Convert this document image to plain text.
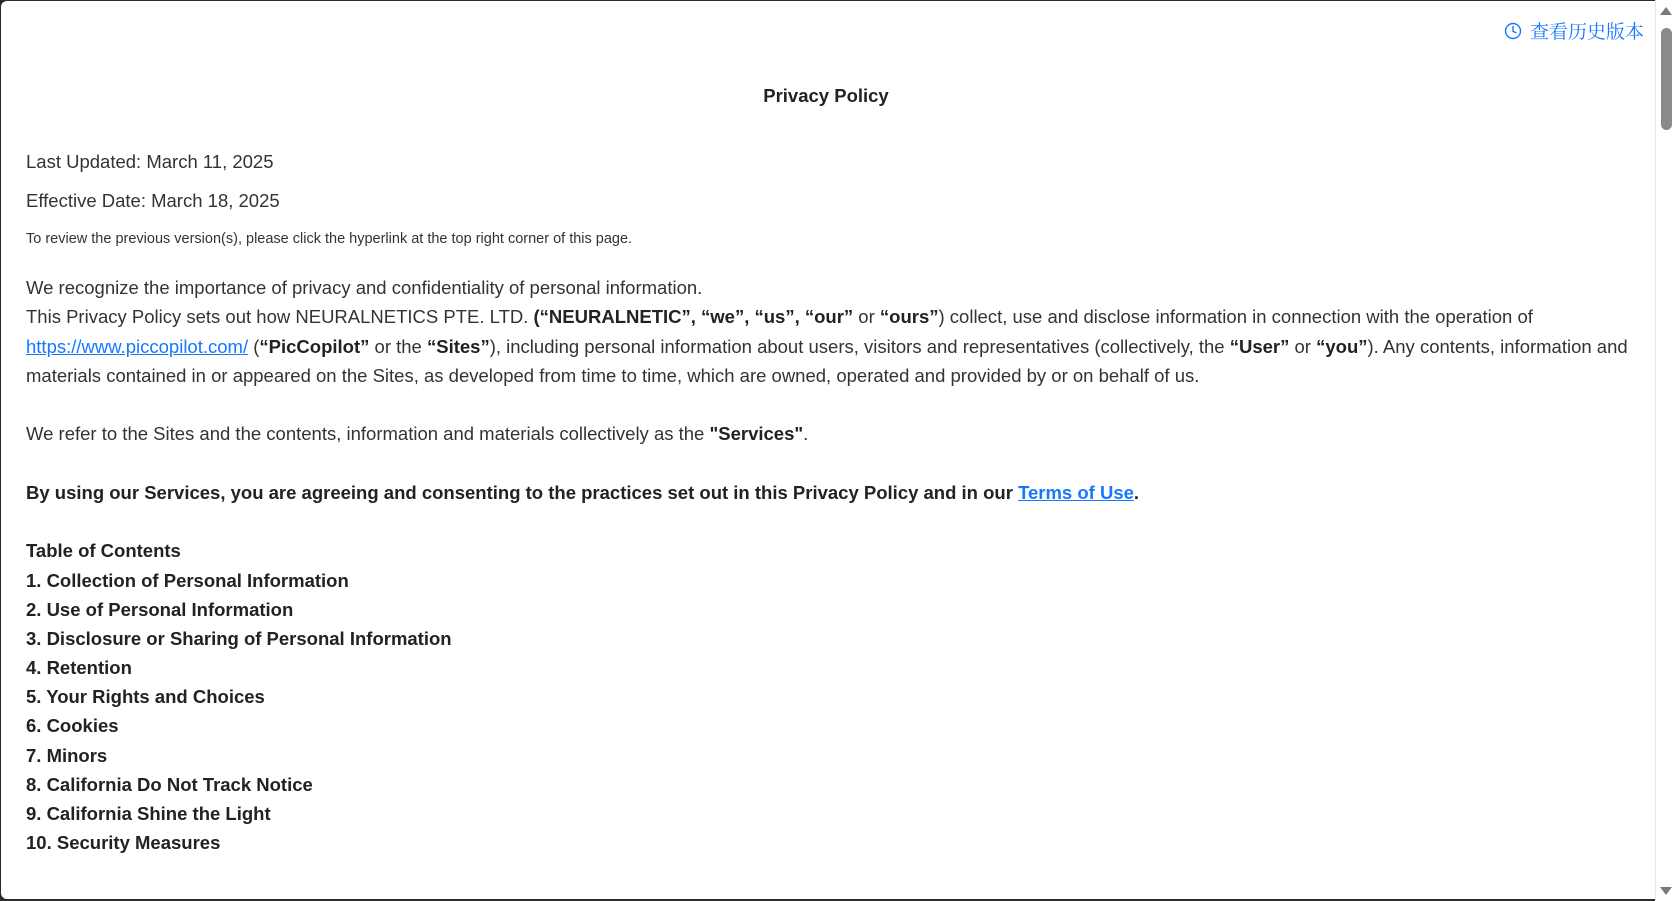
查看历史版本
Privacy Policy
Last Updated: March 11, 2025
Effective Date: March 18, 2025
To review the previous version(s), please click the hyperlink at the top right corner of this page.
We recognize the importance of privacy and confidentiality of personal information.
This Privacy Policy sets out how NEURALNETICS PTE. LTD. (“NEURALNETIC”, “we”, “us”, “our” or “ours”) collect, use and disclose information in connection with the operation of
https://www.piccopilot.com/ (“PicCopilot” or the “Sites”), including personal information about users, visitors and representatives (collectively, the “User” or “you”). Any contents, information and
materials contained in or appeared on the Sites, as developed from time to time, which are owned, operated and provided by or on behalf of us.
We refer to the Sites and the contents, information and materials collectively as the "Services".
By using our Services, you are agreeing and consenting to the practices set out in this Privacy Policy and in our Terms of Use.
Table of Contents
1. Collection of Personal Information
2. Use of Personal Information
3. Disclosure or Sharing of Personal Information
4. Retention
5. Your Rights and Choices
6. Cookies
7. Minors
8. California Do Not Track Notice
9. California Shine the Light
10. Security Measures
